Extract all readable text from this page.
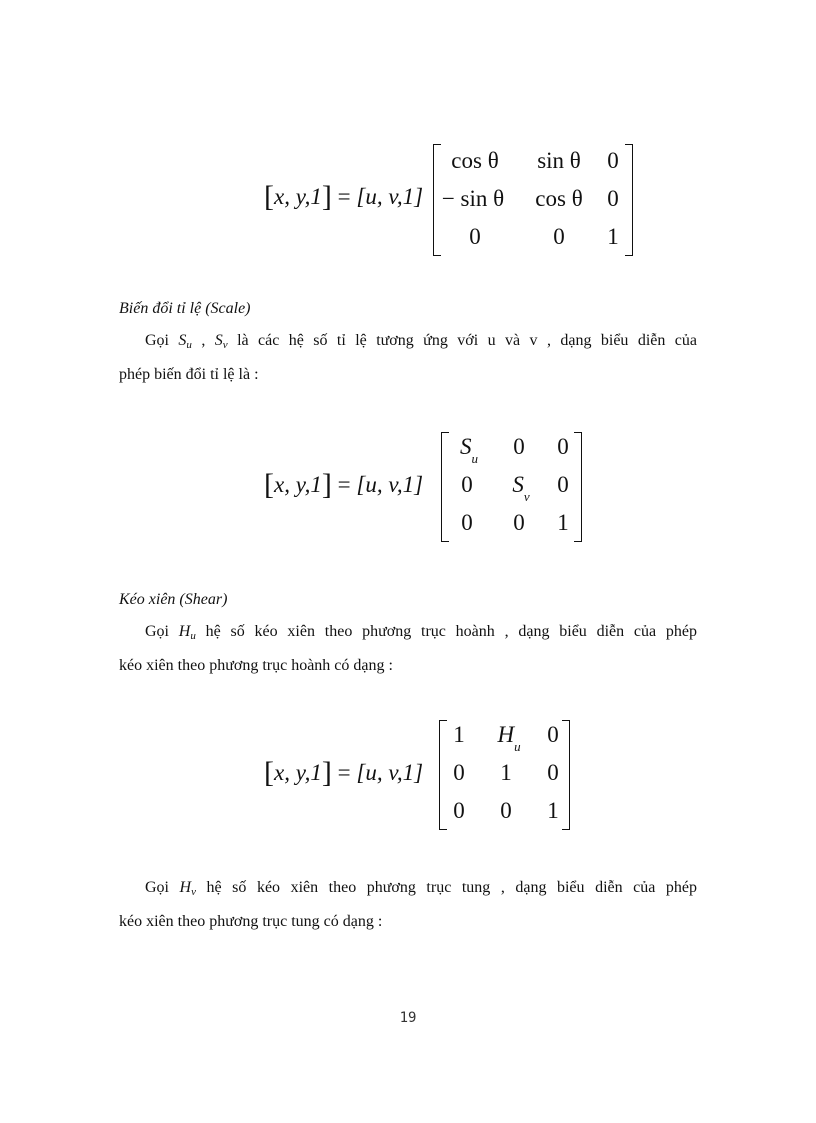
[x, y,1] = [u, v,1]
cos θ sin θ 0
− sin θ cos θ 0
0	0 1
Biến đổi tỉ lệ (Scale)
Gọi Su , Sv là các hệ số tỉ lệ tương ứng với u và v , dạng biểu diễn của
phép biến đổi tỉ lệ là :
[x, y,1] = [u, v,1]
$S_u$ 0 0
0 $S_v$ 0
0 0 1
Kéo xiên (Shear)
Gọi Hu hệ số kéo xiên theo phương trục hoành , dạng biểu diễn của phép
kéo xiên theo phương trục hoành có dạng :
[x, y,1] = [u, v,1]
1 $H_u$ 0
0 1 0
0 0 1
Gọi Hv hệ số kéo xiên theo phương trục tung , dạng biểu diễn của phép
kéo xiên theo phương trục tung có dạng :
19
